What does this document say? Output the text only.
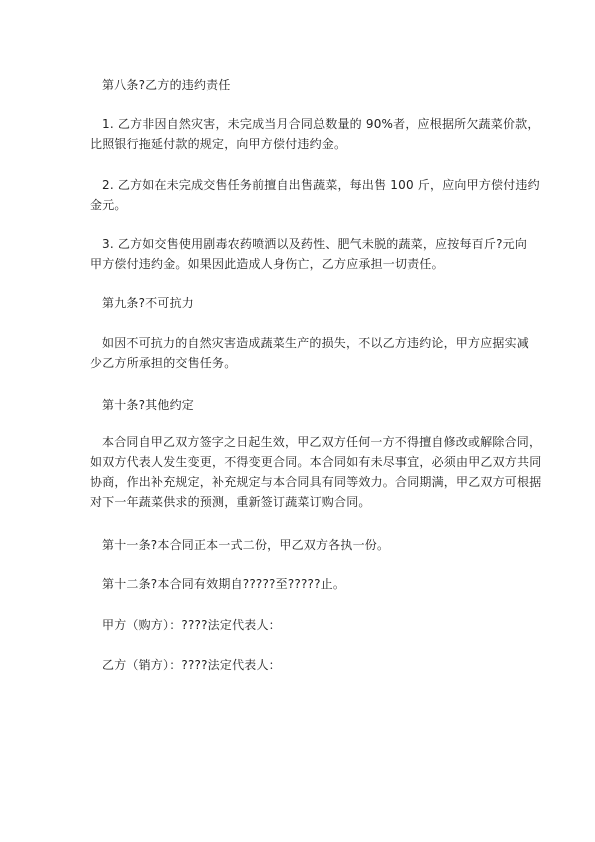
第八条?乙方的违约责任
1. 乙方非因自然灾害，未完成当月合同总数量的 90%者，应根据所欠蔬菜价款，
比照银行拖延付款的规定，向甲方偿付违约金。
2. 乙方如在未完成交售任务前擅自出售蔬菜，每出售 100 斤，应向甲方偿付违约
金元。
3. 乙方如交售使用剧毒农药喷洒以及药性、肥气未脱的蔬菜，应按每百斤?元向
甲方偿付违约金。如果因此造成人身伤亡，乙方应承担一切责任。
第九条?不可抗力
如因不可抗力的自然灾害造成蔬菜生产的损失，不以乙方违约论，甲方应据实减
少乙方所承担的交售任务。
第十条?其他约定
本合同自甲乙双方签字之日起生效，甲乙双方任何一方不得擅自修改或解除合同，
如双方代表人发生变更，不得变更合同。本合同如有未尽事宜，必须由甲乙双方共同
协商，作出补充规定，补充规定与本合同具有同等效力。合同期满，甲乙双方可根据
对下一年蔬菜供求的预测，重新签订蔬菜订购合同。
第十一条?本合同正本一式二份，甲乙双方各执一份。
第十二条?本合同有效期自?????至?????止。
甲方（购方）：????法定代表人：
乙方（销方）：????法定代表人：
